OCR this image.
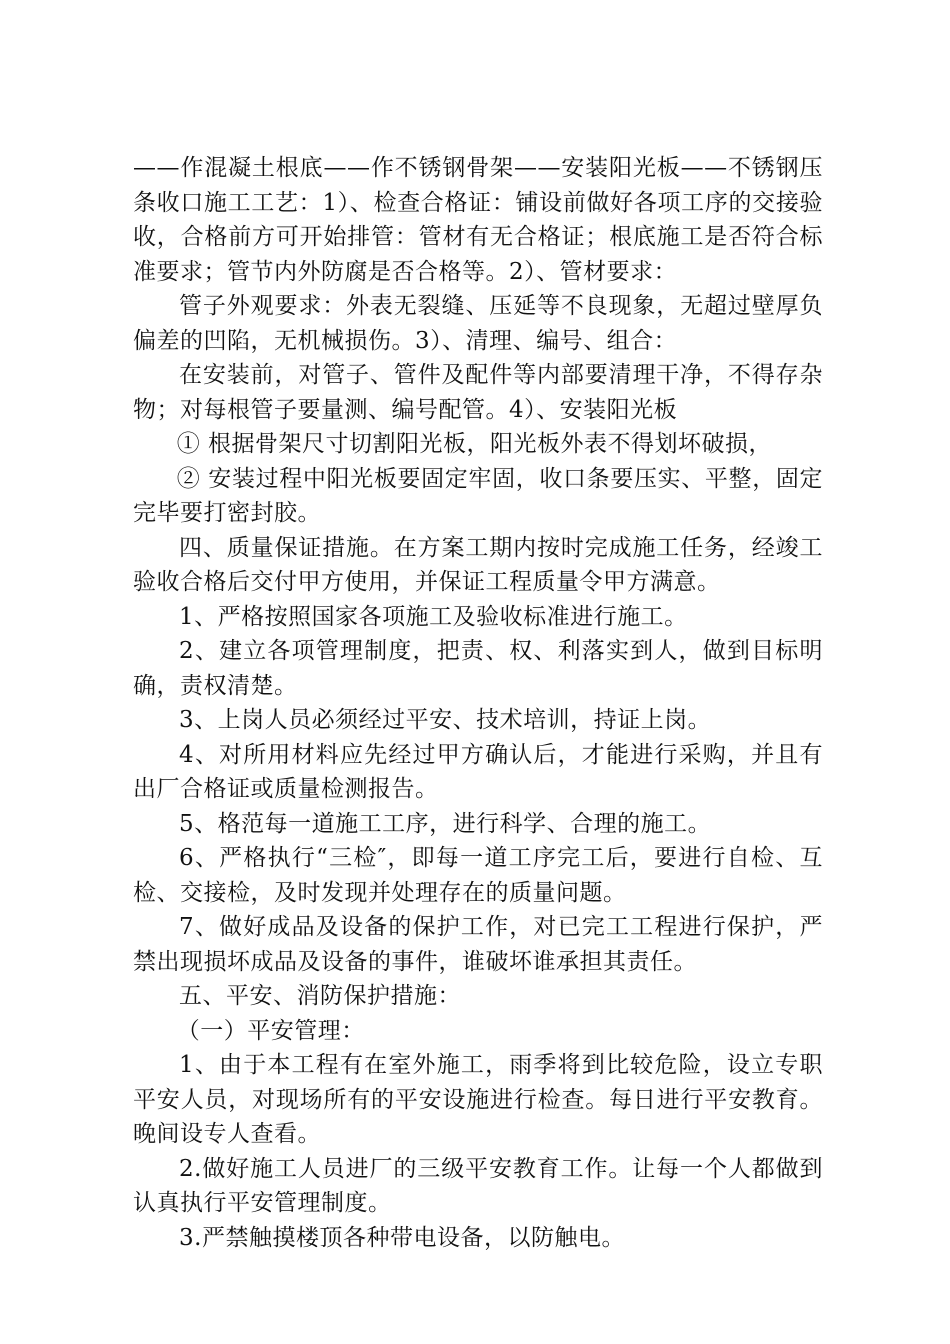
——作混凝土根底——作不锈钢骨架——安装阳光板——不锈钢压条收口施工工艺：1）、检查合格证：铺设前做好各项工序的交接验收，合格前方可开始排管：管材有无合格证；根底施工是否符合标准要求；管节内外防腐是否合格等。2）、管材要求：

管子外观要求：外表无裂缝、压延等不良现象，无超过壁厚负偏差的凹陷，无机械损伤。3）、清理、编号、组合：

在安装前，对管子、管件及配件等内部要清理干净，不得存杂物；对每根管子要量测、编号配管。4）、安装阳光板

① 根据骨架尺寸切割阳光板，阳光板外表不得划坏破损，

② 安装过程中阳光板要固定牢固，收口条要压实、平整，固定完毕要打密封胶。

四、质量保证措施。在方案工期内按时完成施工任务，经竣工验收合格后交付甲方使用，并保证工程质量令甲方满意。

1、严格按照国家各项施工及验收标准进行施工。

2、建立各项管理制度，把责、权、利落实到人，做到目标明确，责权清楚。

3、上岗人员必须经过平安、技术培训，持证上岗。

4、对所用材料应先经过甲方确认后，才能进行采购，并且有出厂合格证或质量检测报告。

5、格范每一道施工工序，进行科学、合理的施工。

6、严格执行“三检″，即每一道工序完工后，要进行自检、互检、交接检，及时发现并处理存在的质量问题。

7、做好成品及设备的保护工作，对已完工工程进行保护，严禁出现损坏成品及设备的事件，谁破坏谁承担其责任。

五、平安、消防保护措施：

（一）平安管理：

1、由于本工程有在室外施工，雨季将到比较危险，设立专职平安人员，对现场所有的平安设施进行检查。每日进行平安教育。晚间设专人查看。

2.做好施工人员进厂的三级平安教育工作。让每一个人都做到认真执行平安管理制度。

3.严禁触摸楼顶各种带电设备，以防触电。
